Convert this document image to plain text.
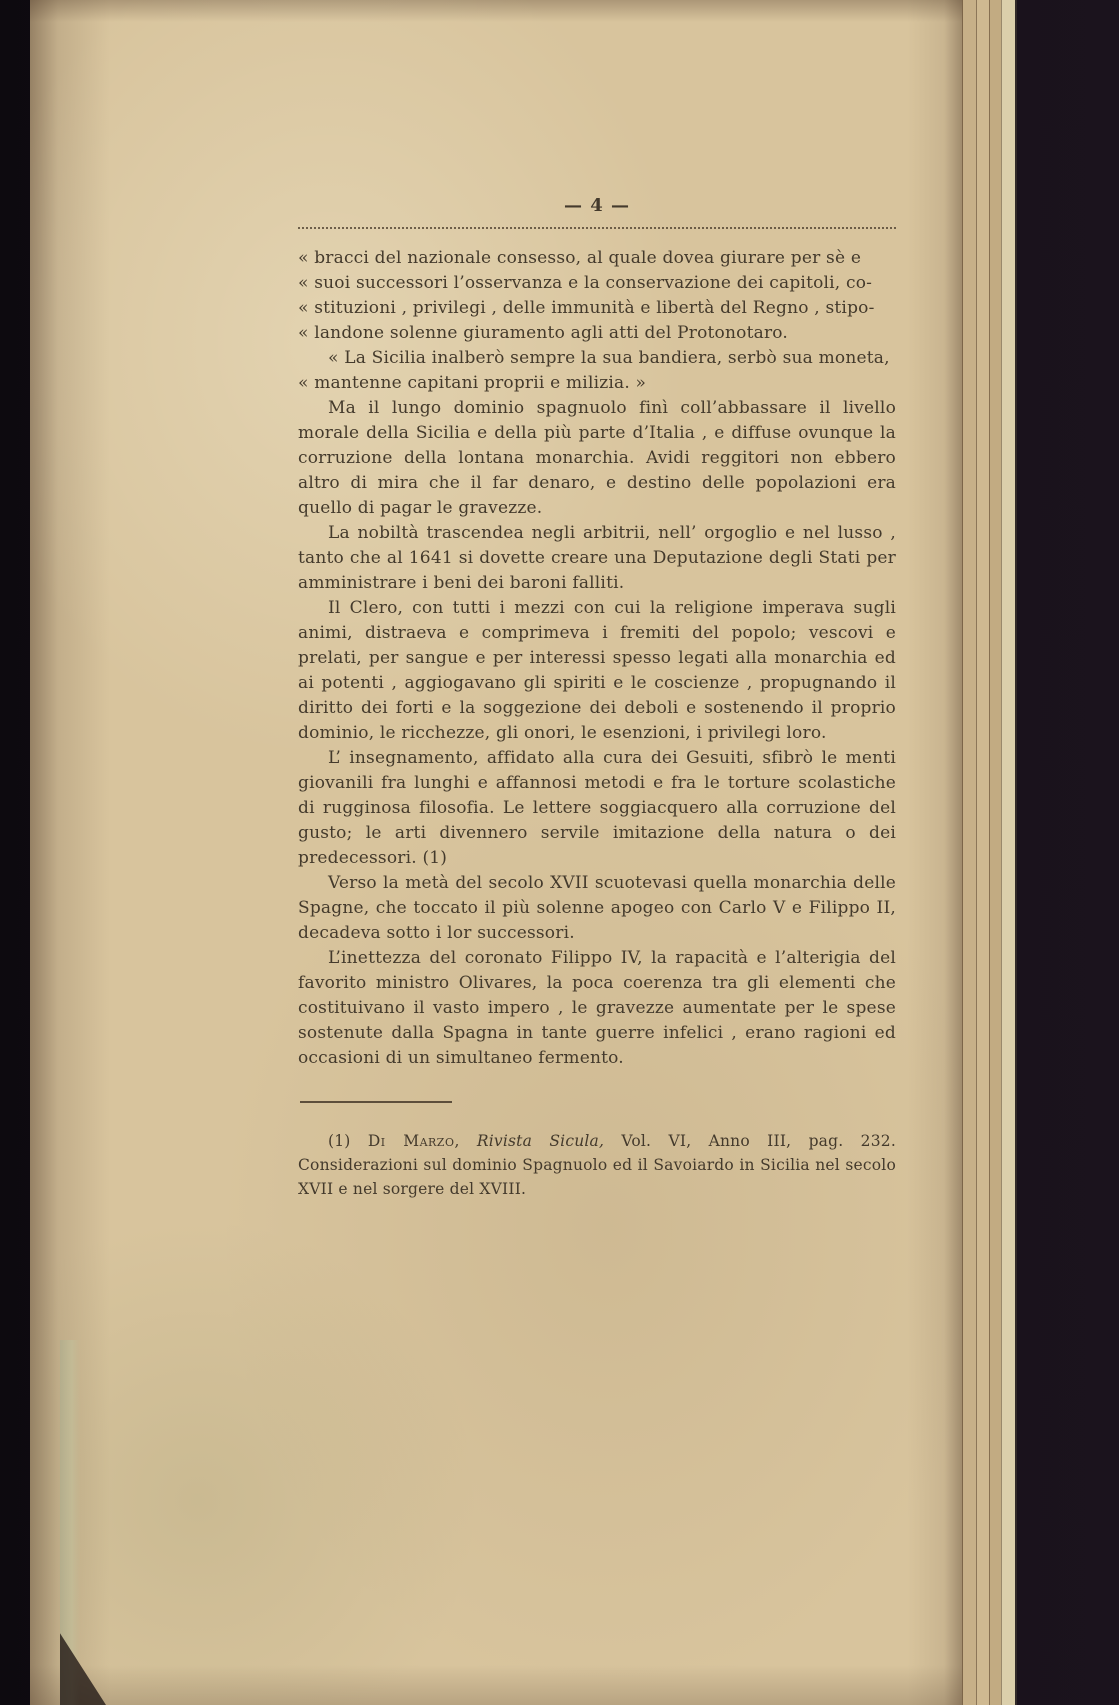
— 4 —
« bracci del nazionale consesso, al quale dovea giurare per sè e
« suoi successori l’osservanza e la conservazione dei capitoli, co-
« stituzioni , privilegi , delle immunità e libertà del Regno , stipo-
« landone solenne giuramento agli atti del Protonotaro.
« La Sicilia inalberò sempre la sua bandiera, serbò sua moneta,
« mantenne capitani proprii e milizia. »

Ma il lungo dominio spagnuolo finì coll’abbassare il livello morale della Sicilia e della più parte d’Italia , e diffuse ovunque la corruzione della lontana monarchia. Avidi reggitori non ebbero altro di mira che il far denaro, e destino delle popolazioni era quello di pagar le gravezze.

La nobiltà trascendea negli arbitrii, nell’ orgoglio e nel lusso , tanto che al 1641 si dovette creare una Deputazione degli Stati per amministrare i beni dei baroni falliti.

Il Clero, con tutti i mezzi con cui la religione imperava sugli animi, distraeva e comprimeva i fremiti del popolo; vescovi e prelati, per sangue e per interessi spesso legati alla monarchia ed ai potenti , aggiogavano gli spiriti e le coscienze , propugnando il diritto dei forti e la soggezione dei deboli e sostenendo il proprio dominio, le ricchezze, gli onori, le esenzioni, i privilegi loro.

L’ insegnamento, affidato alla cura dei Gesuiti, sfibrò le menti giovanili fra lunghi e affannosi metodi e fra le torture scolastiche di rugginosa filosofia. Le lettere soggiacquero alla corruzione del gusto; le arti divennero servile imitazione della natura o dei predecessori. (1)

Verso la metà del secolo XVII scuotevasi quella monarchia delle Spagne, che toccato il più solenne apogeo con Carlo V e Filippo II, decadeva sotto i lor successori.

L’inettezza del coronato Filippo IV, la rapacità e l’alterigia del favorito ministro Olivares, la poca coerenza tra gli elementi che costituivano il vasto impero , le gravezze aumentate per le spese sostenute dalla Spagna in tante guerre infelici , erano ragioni ed occasioni di un simultaneo fermento.

(1) Di Marzo, Rivista Sicula, Vol. VI, Anno III, pag. 232. Considerazioni sul dominio Spagnuolo ed il Savoiardo in Sicilia nel secolo XVII e nel sorgere del XVIII.
